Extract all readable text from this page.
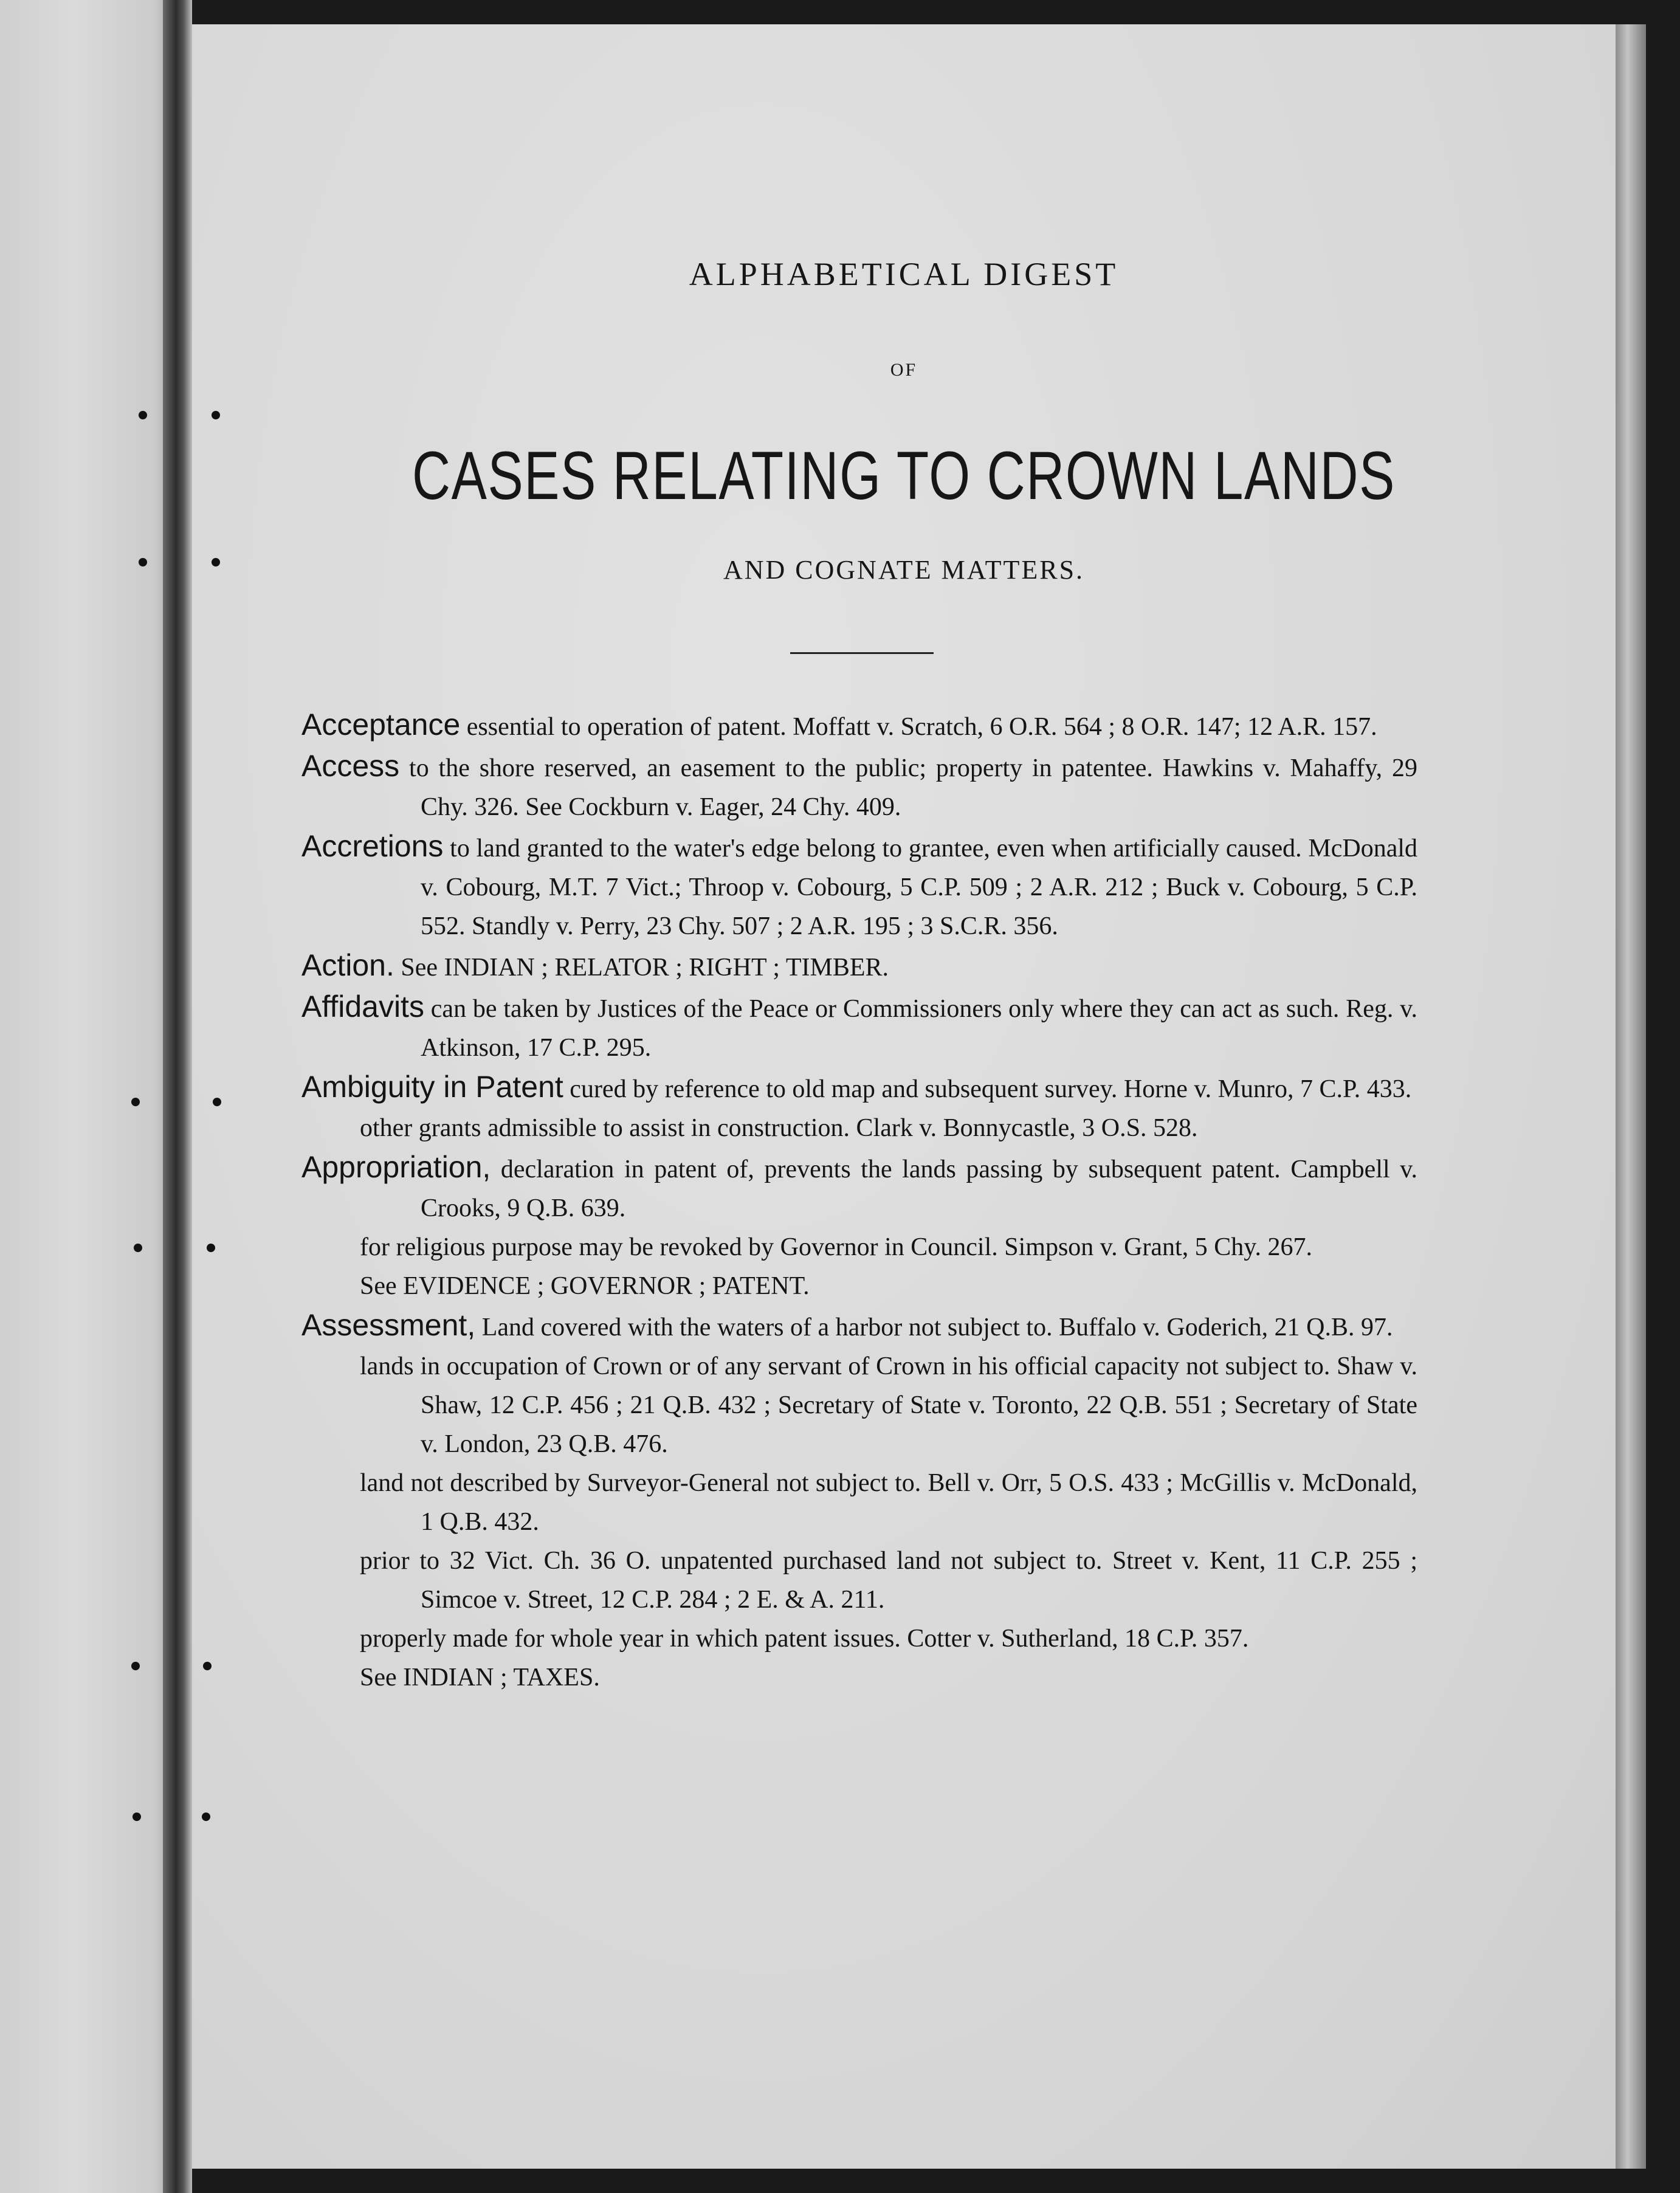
ALPHABETICAL DIGEST
OF
CASES RELATING TO CROWN LANDS
AND COGNATE MATTERS.

Acceptance essential to operation of patent. Moffatt v. Scratch, 6 O.R. 564 ; 8 O.R. 147; 12 A.R. 157.

Access to the shore reserved, an easement to the public; property in patentee. Hawkins v. Mahaffy, 29 Chy. 326. See Cockburn v. Eager, 24 Chy. 409.

Accretions to land granted to the water's edge belong to grantee, even when artificially caused. McDonald v. Cobourg, M.T. 7 Vict.; Throop v. Cobourg, 5 C.P. 509 ; 2 A.R. 212 ; Buck v. Cobourg, 5 C.P. 552. Standly v. Perry, 23 Chy. 507 ; 2 A.R. 195 ; 3 S.C.R. 356.

Action. See INDIAN ; RELATOR ; RIGHT ; TIMBER.

Affidavits can be taken by Justices of the Peace or Commissioners only where they can act as such. Reg. v. Atkinson, 17 C.P. 295.

Ambiguity in Patent cured by reference to old map and subsequent survey. Horne v. Munro, 7 C.P. 433.

other grants admissible to assist in construction. Clark v. Bonnycastle, 3 O.S. 528.

Appropriation, declaration in patent of, prevents the lands passing by subsequent patent. Campbell v. Crooks, 9 Q.B. 639.

for religious purpose may be revoked by Governor in Council. Simpson v. Grant, 5 Chy. 267.

See EVIDENCE ; GOVERNOR ; PATENT.

Assessment, Land covered with the waters of a harbor not subject to. Buffalo v. Goderich, 21 Q.B. 97.

lands in occupation of Crown or of any servant of Crown in his official capacity not subject to. Shaw v. Shaw, 12 C.P. 456 ; 21 Q.B. 432 ; Secretary of State v. Toronto, 22 Q.B. 551 ; Secretary of State v. London, 23 Q.B. 476.

land not described by Surveyor-General not subject to. Bell v. Orr, 5 O.S. 433 ; McGillis v. McDonald, 1 Q.B. 432.

prior to 32 Vict. Ch. 36 O. unpatented purchased land not subject to. Street v. Kent, 11 C.P. 255 ; Simcoe v. Street, 12 C.P. 284 ; 2 E. & A. 211.

properly made for whole year in which patent issues. Cotter v. Sutherland, 18 C.P. 357.

See INDIAN ; TAXES.
